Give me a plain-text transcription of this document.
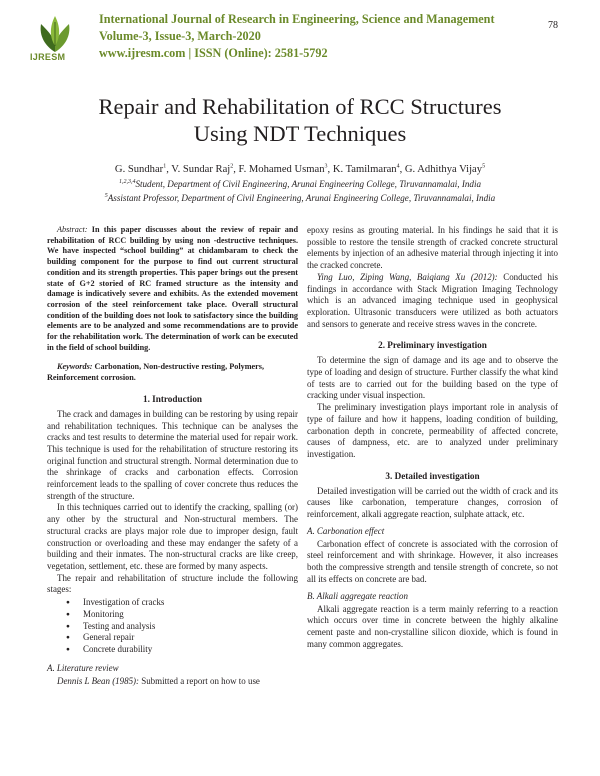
IJRESM
International Journal of Research in Engineering, Science and Management
Volume-3, Issue-3, March-2020
www.ijresm.com | ISSN (Online): 2581-5792
78
Repair and Rehabilitation of RCC Structures
Using NDT Techniques
G. Sundhar$^1$, V. Sundar Raj$^2$, F. Mohamed Usman$^3$, K. Tamilmaran$^4$, G. Adhithya Vijay$^5$
$^{1,2,3,4}$Student, Department of Civil Engineering, Arunai Engineering College, Tiruvannamalai, India
$^5$Assistant Professor, Department of Civil Engineering, Arunai Engineering College, Tiruvannamalai, India

Abstract: In this paper discusses about the review of repair and rehabilitation of RCC building by using non -destructive techniques. We have inspected “school building” at chidambaram to check the building component for the purpose to find out current structural condition and its strength properties. This paper brings out the present state of G+2 storied of RC framed structure as the intensity and damage is indicatively severe and exhibits. As the extended movement corrosion of the steel reinforcement take place. Overall structural condition of the building does not look to satisfactory since the building elements are to be analyzed and some recommendations are to provide for the rehabilitation work. The determination of work can be executed in the field of school building.

Keywords: Carbonation, Non-destructive resting, Polymers, Reinforcement corrosion.

1. Introduction

The crack and damages in building can be restoring by using repair and rehabilitation techniques. This technique can be analyses the cracks and test results to determine the material used for repair work. This technique is used for the rehabilitation of structure restoring its original function and structural strength. Normal determination due to the shrinkage of cracks and carbonation effects. Corrosion reinforcement leads to the spalling of cover concrete thus reduces the strength of the structure.

In this techniques carried out to identify the cracking, spalling (or) any other by the structural and Non-structural members. The structural cracks are plays major role due to improper design, fault construction or overloading and these may endanger the safety of a building and their inmates. The non-structural cracks are like creep, vegetation, settlement, etc. these are formed by many aspects.

The repair and rehabilitation of structure include the following stages:

● Investigation of cracks
● Monitoring
● Testing and analysis
● General repair
● Concrete durability
A. Literature review

Dennis L Bean (1985): Submitted a report on how to use

epoxy resins as grouting material. In his findings he said that it is possible to restore the tensile strength of cracked concrete structural elements by injection of an adhesive material through injecting it into the cracked concrete.

Ying Luo, Ziping Wang, Baiqiang Xu (2012): Conducted his findings in accordance with Stack Migration Imaging Technology which is an advanced imaging technique used in geophysical exploration. Ultrasonic transducers were utilized as both actuators and sensors to generate and receive stress waves in the concrete.

2. Preliminary investigation

To determine the sign of damage and its age and to observe the type of loading and design of structure. Further classify the what kind of tests are to carried out for the building based on the type of cracking under visual inspection.

The preliminary investigation plays important role in analysis of type of failure and how it happens, loading condition of building, carbonation depth in concrete, permeability of affected concrete, causes of dampness, etc. are to analyzed under preliminary investigation.

3. Detailed investigation

Detailed investigation will be carried out the width of crack and its causes like carbonation, temperature changes, corrosion of reinforcement, alkali aggregate reaction, sulphate attack, etc.

A. Carbonation effect

Carbonation effect of concrete is associated with the corrosion of steel reinforcement and with shrinkage. However, it also increases both the compressive strength and tensile strength of concrete, so not all its effects on concrete are bad.

B. Alkali aggregate reaction

Alkali aggregate reaction is a term mainly referring to a reaction which occurs over time in concrete between the highly alkaline cement paste and non-crystalline silicon dioxide, which is found in many common aggregates.
